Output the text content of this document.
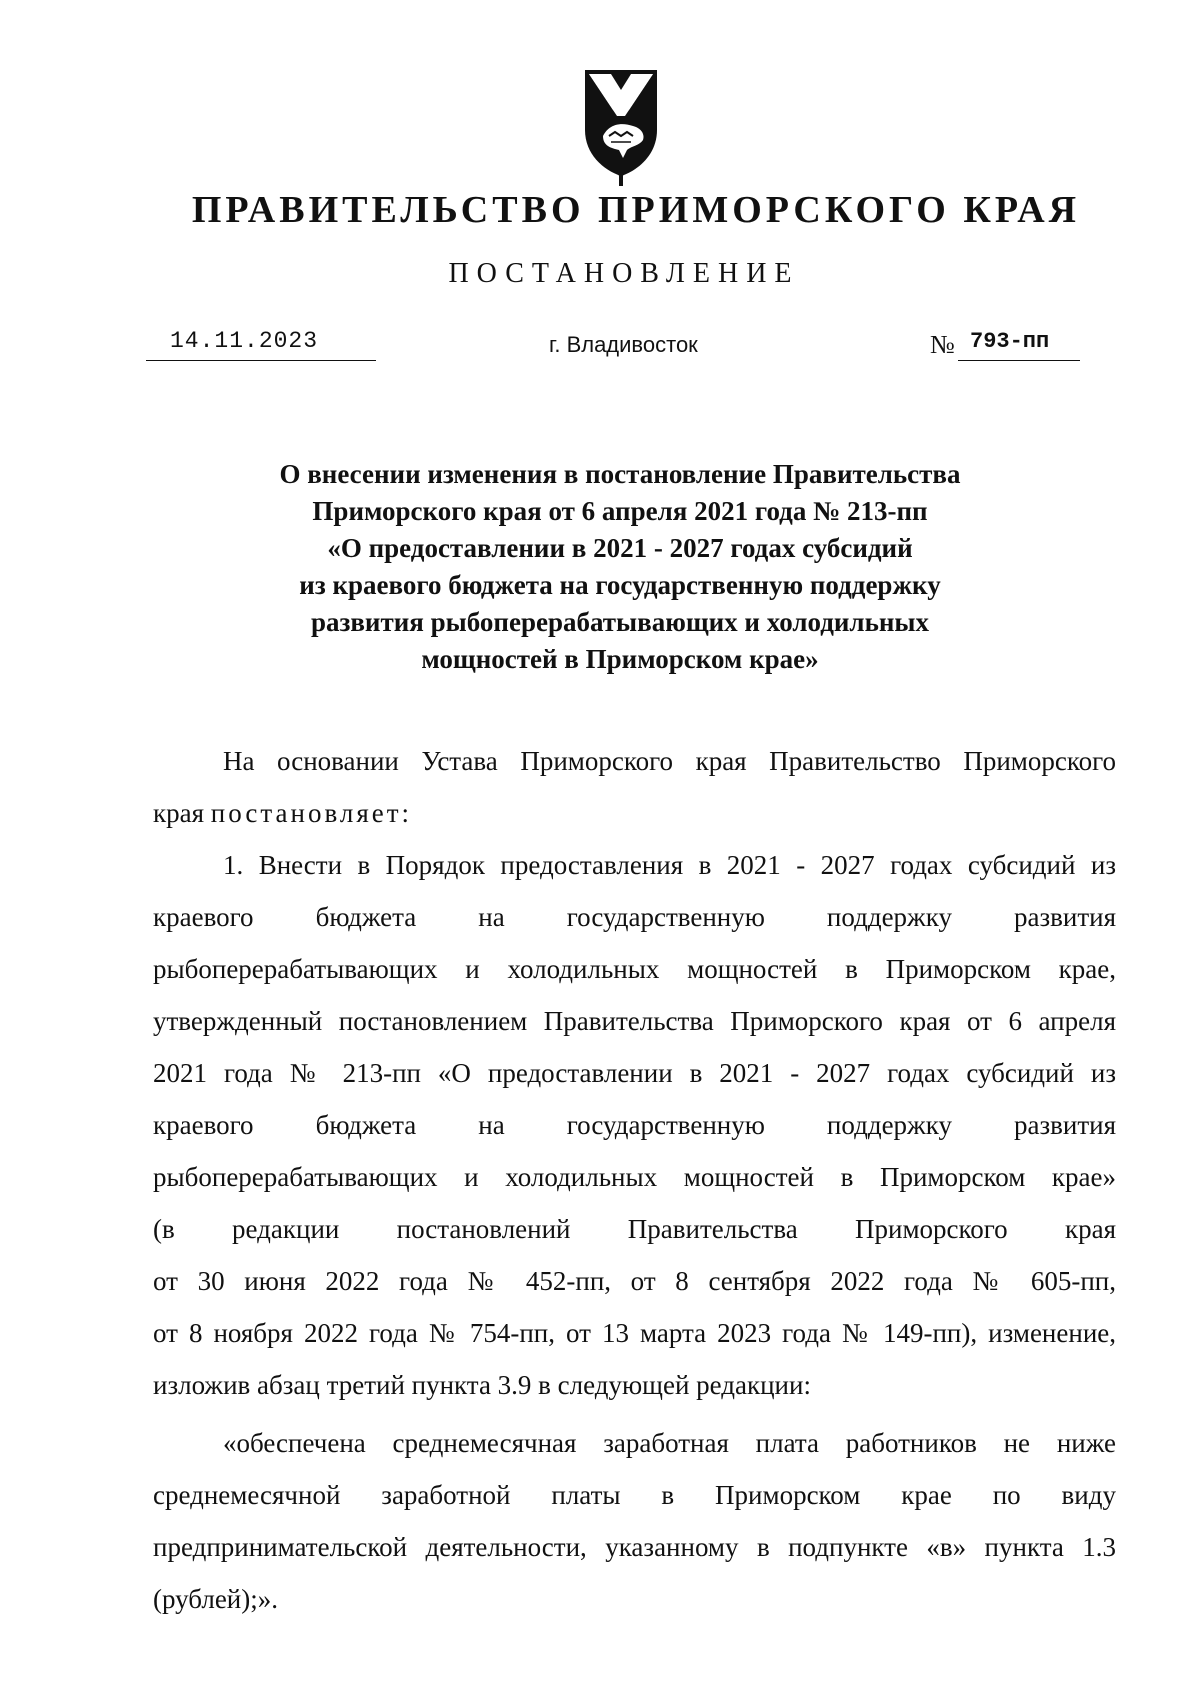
ПРАВИТЕЛЬСТВО ПРИМОРСКОГО КРАЯ
ПОСТАНОВЛЕНИЕ
14.11.2023	г. Владивосток	№ 793-пп
О внесении изменения в постановление Правительства
Приморского края от 6 апреля 2021 года № 213-пп
«О предоставлении в 2021 - 2027 годах субсидий
из краевого бюджета на государственную поддержку
развития рыбоперерабатывающих и холодильных
мощностей в Приморском крае»
На основании Устава Приморского края Правительство Приморского
края постановляет:
1. Внести в Порядок предоставления в 2021 - 2027 годах субсидий из
краевого бюджета на государственную поддержку развития
рыбоперерабатывающих и холодильных мощностей в Приморском крае,
утвержденный постановлением Правительства Приморского края от 6 апреля
2021 года № 213-пп «О предоставлении в 2021 - 2027 годах субсидий из
краевого бюджета на государственную поддержку развития
рыбоперерабатывающих и холодильных мощностей в Приморском крае»
(в редакции постановлений Правительства Приморского края
от 30 июня 2022 года № 452-пп, от 8 сентября 2022 года № 605-пп,
от 8 ноября 2022 года № 754-пп, от 13 марта 2023 года № 149-пп), изменение,
изложив абзац третий пункта 3.9 в следующей редакции:
«обеспечена среднемесячная заработная плата работников не ниже
среднемесячной заработной платы в Приморском крае по виду
предпринимательской деятельности, указанному в подпункте «в» пункта 1.3
(рублей);».
